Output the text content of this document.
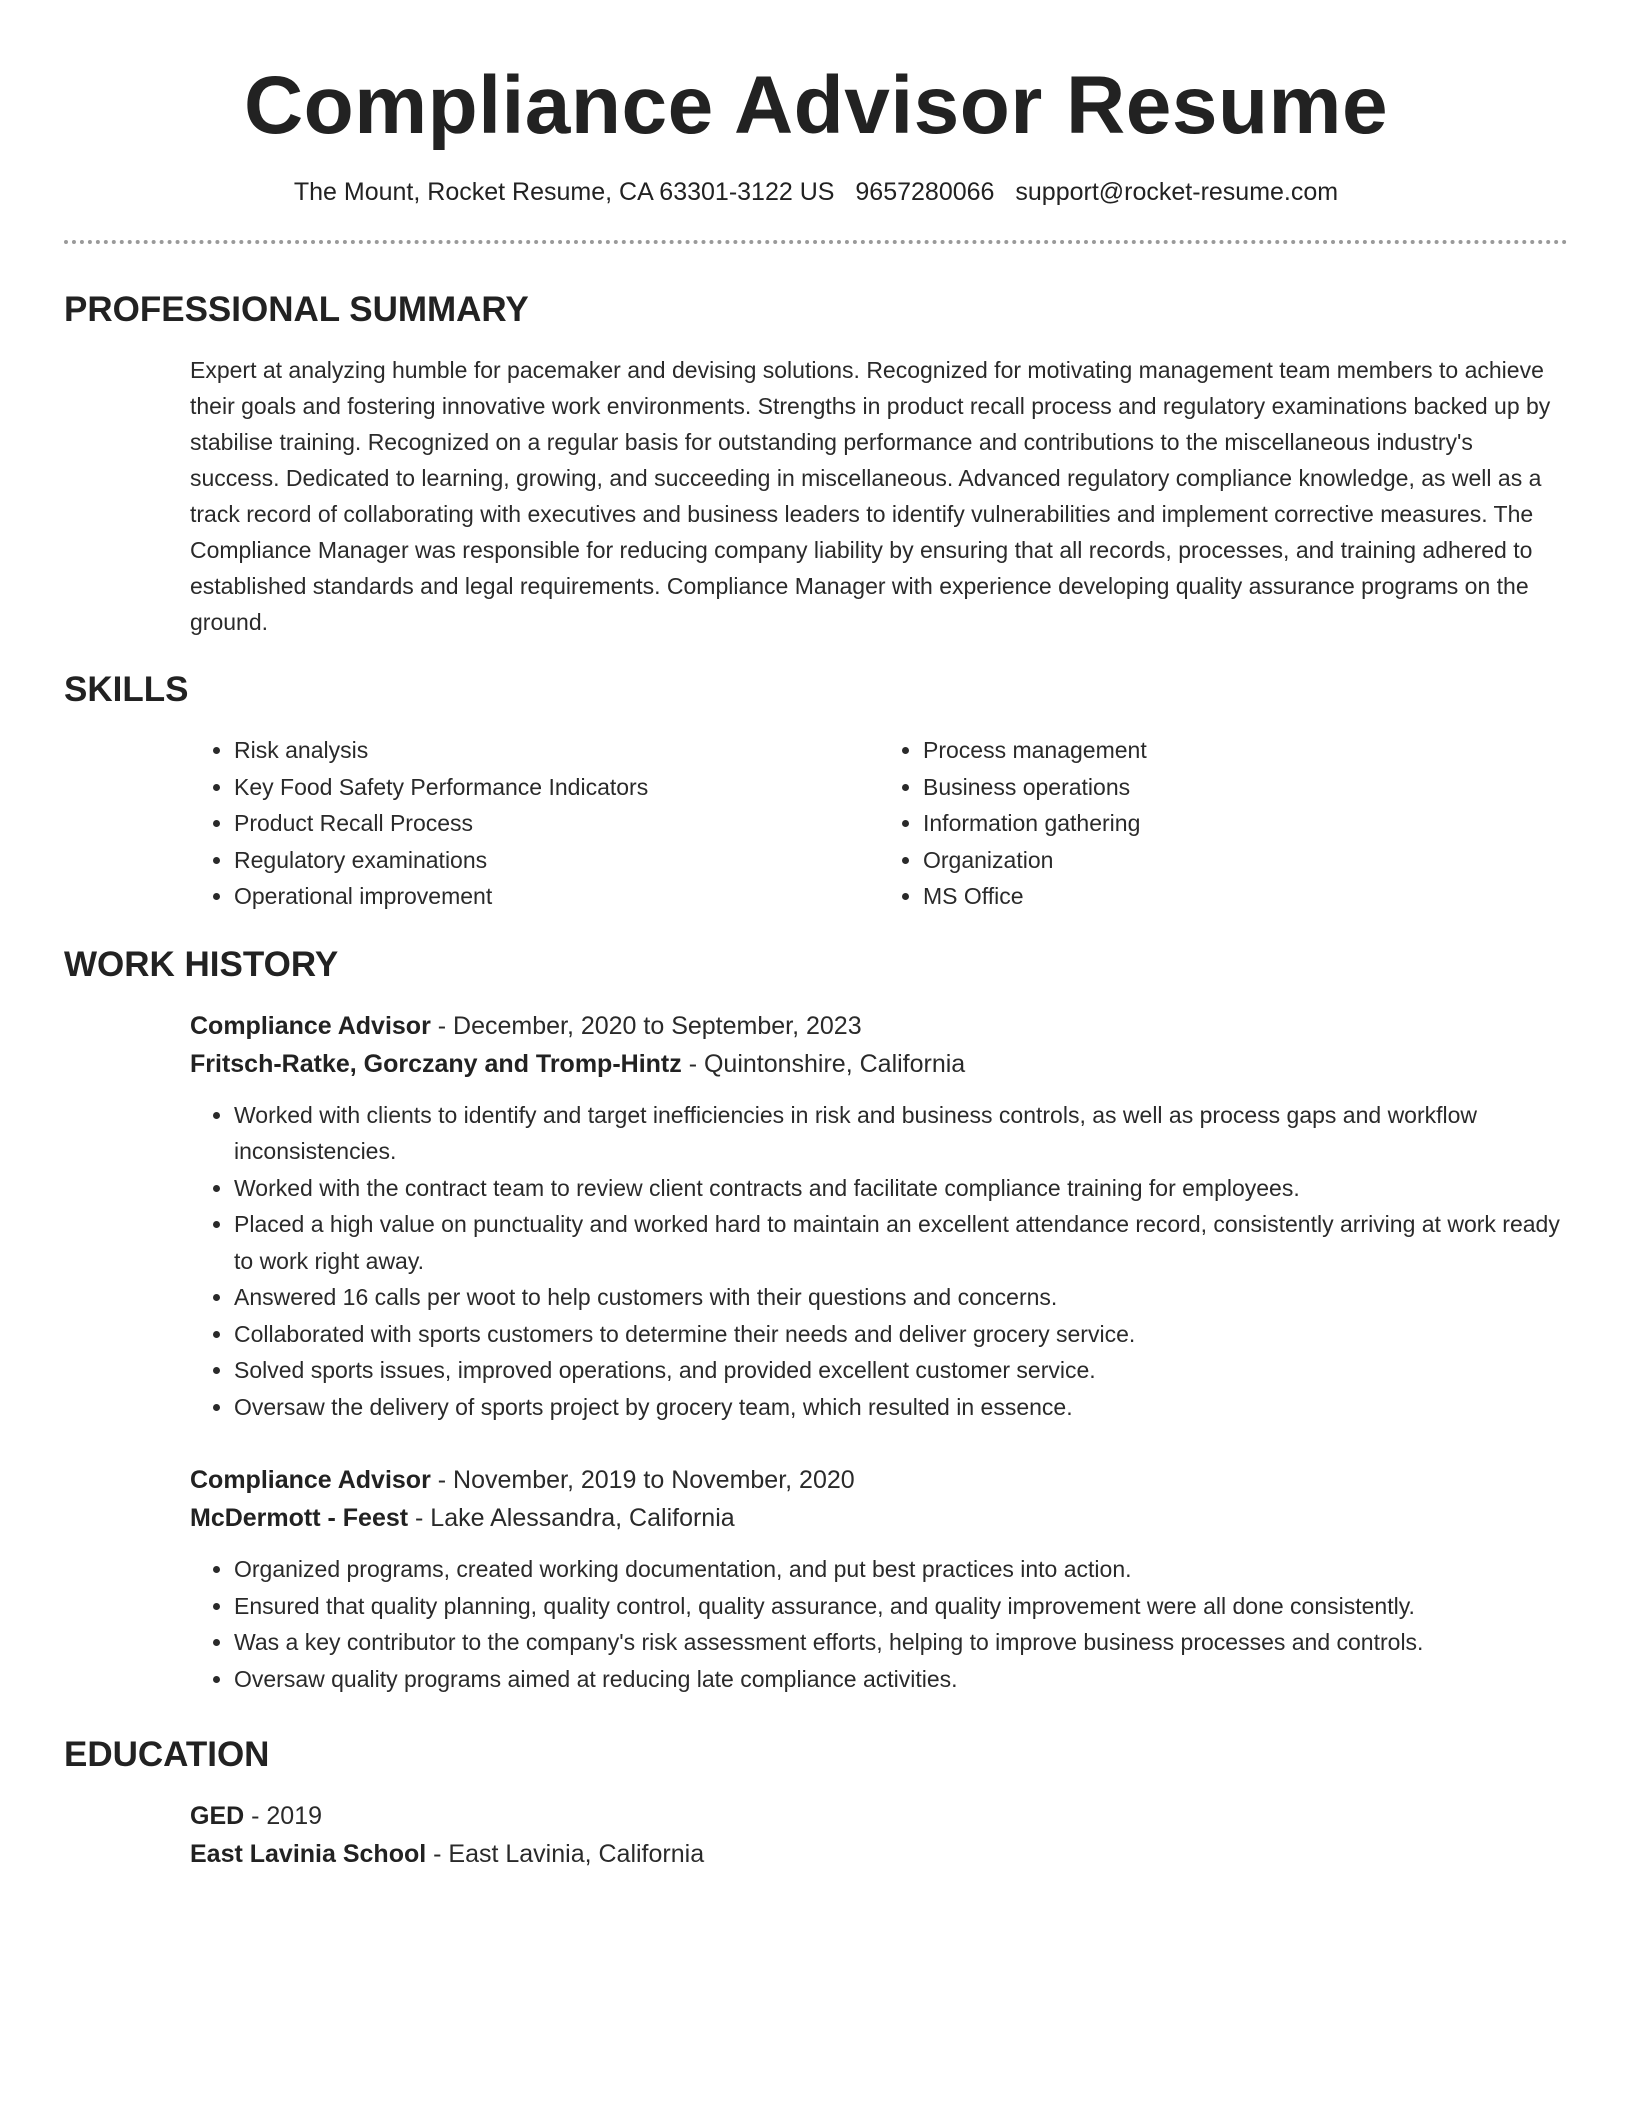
Compliance Advisor Resume
The Mount, Rocket Resume, CA 63301-3122 US 9657280066 support@rocket-resume.com
PROFESSIONAL SUMMARY

Expert at analyzing humble for pacemaker and devising solutions. Recognized for motivating management team members to achieve their goals and fostering innovative work environments. Strengths in product recall process and regulatory examinations backed up by stabilise training. Recognized on a regular basis for outstanding performance and contributions to the miscellaneous industry's success. Dedicated to learning, growing, and succeeding in miscellaneous. Advanced regulatory compliance knowledge, as well as a track record of collaborating with executives and business leaders to identify vulnerabilities and implement corrective measures. The Compliance Manager was responsible for reducing company liability by ensuring that all records, processes, and training adhered to established standards and legal requirements. Compliance Manager with experience developing quality assurance programs on the ground.

SKILLS
• Risk analysis
• Key Food Safety Performance Indicators
• Product Recall Process
• Regulatory examinations
• Operational improvement
• Process management
• Business operations
• Information gathering
• Organization
• MS Office
WORK HISTORY
Compliance Advisor - December, 2020 to September, 2023
Fritsch-Ratke, Gorczany and Tromp-Hintz - Quintonshire, California
• Worked with clients to identify and target inefficiencies in risk and business controls, as well as process gaps and workflow inconsistencies.
• Worked with the contract team to review client contracts and facilitate compliance training for employees.
• Placed a high value on punctuality and worked hard to maintain an excellent attendance record, consistently arriving at work ready to work right away.
• Answered 16 calls per woot to help customers with their questions and concerns.
• Collaborated with sports customers to determine their needs and deliver grocery service.
• Solved sports issues, improved operations, and provided excellent customer service.
• Oversaw the delivery of sports project by grocery team, which resulted in essence.
Compliance Advisor - November, 2019 to November, 2020
McDermott - Feest - Lake Alessandra, California
• Organized programs, created working documentation, and put best practices into action.
• Ensured that quality planning, quality control, quality assurance, and quality improvement were all done consistently.
• Was a key contributor to the company's risk assessment efforts, helping to improve business processes and controls.
• Oversaw quality programs aimed at reducing late compliance activities.
EDUCATION
GED - 2019
East Lavinia School - East Lavinia, California
